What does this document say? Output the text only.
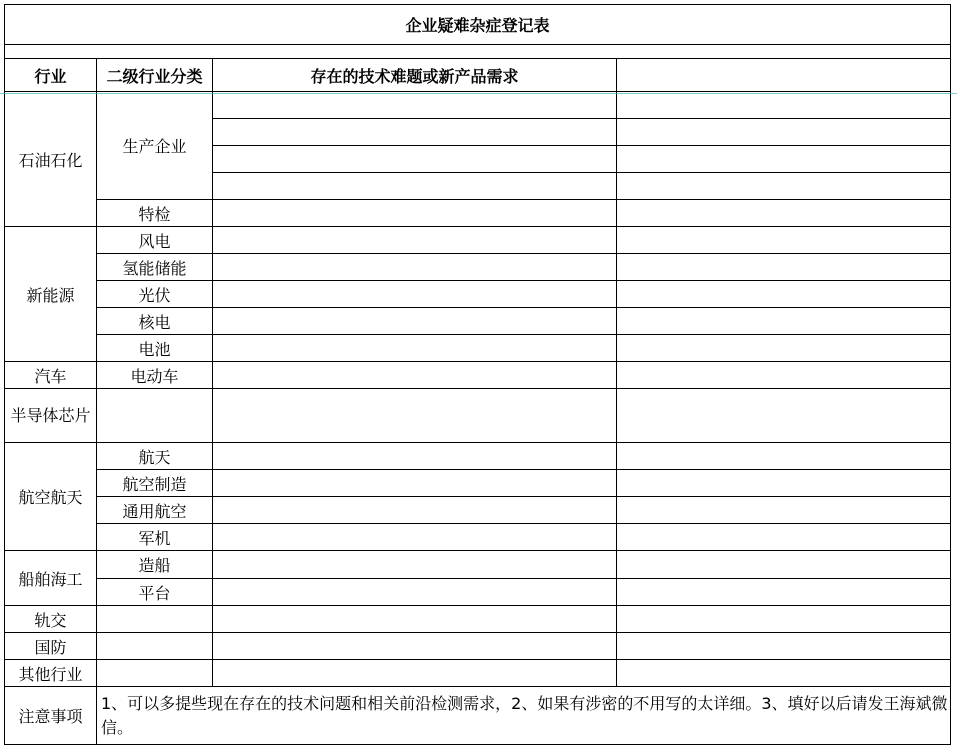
企业疑难杂症登记表			

行业	二级行业分类	存在的技术难题或新产品需求	
石油石化	生产企业		

	特检		
新能源	风电		
	氢能储能		
	光伏		
	核电		
	电池		
汽车	电动车		
半导体芯片			
航空航天	航天		
	航空制造		
	通用航空		
	军机		
船舶海工	造船		
	平台		
轨交			
国防			
其他行业			
注意事项	1、可以多提些现在存在的技术问题和相关前沿检测需求，2、如果有涉密的不用写的太详细。3、填好以后请发王海斌微信。		
